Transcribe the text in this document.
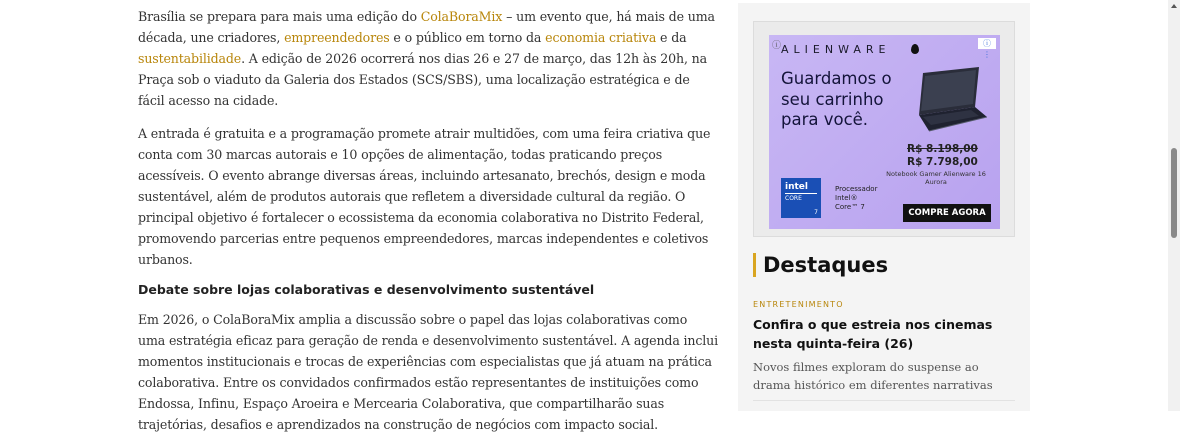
Brasília se prepara para mais uma edição do ColaBoraMix – um evento que, há mais de uma década, une criadores, empreendedores e o público em torno da economia criativa e da sustentabilidade. A edição de 2026 ocorrerá nos dias 26 e 27 de março, das 12h às 20h, na Praça sob o viaduto da Galeria dos Estados (SCS/SBS), uma localização estratégica e de fácil acesso na cidade.

A entrada é gratuita e a programação promete atrair multidões, com uma feira criativa que conta com 30 marcas autorais e 10 opções de alimentação, todas praticando preços acessíveis. O evento abrange diversas áreas, incluindo artesanato, brechós, design e moda sustentável, além de produtos autorais que refletem a diversidade cultural da região. O principal objetivo é fortalecer o ecossistema da economia colaborativa no Distrito Federal, promovendo parcerias entre pequenos empreendedores, marcas independentes e coletivos urbanos.

Debate sobre lojas colaborativas e desenvolvimento sustentável

Em 2026, o ColaBoraMix amplia a discussão sobre o papel das lojas colaborativas como uma estratégia eficaz para geração de renda e desenvolvimento sustentável. A agenda inclui momentos institucionais e trocas de experiências com especialistas que já atuam na prática colaborativa. Entre os convidados confirmados estão representantes de instituições como Endossa, Infinu, Espaço Aroeira e Mercearia Colaborativa, que compartilharão suas trajetórias, desafios e aprendizados na construção de negócios com impacto social.

ⓘ ALIENWARE	ⓘ ⋮
Guardamos o seu carrinho para você.
R$ 8.198,00
R$ 7.798,00
Notebook Gamer Alienware 16 Aurora
intel
CORE
7
Processador
Intel®
Core™ 7
COMPRE AGORA
Destaques
ENTRETENIMENTO
Confira o que estreia nos cinemas nesta quinta-feira (26)
Novos filmes exploram do suspense ao drama histórico em diferentes narrativas
